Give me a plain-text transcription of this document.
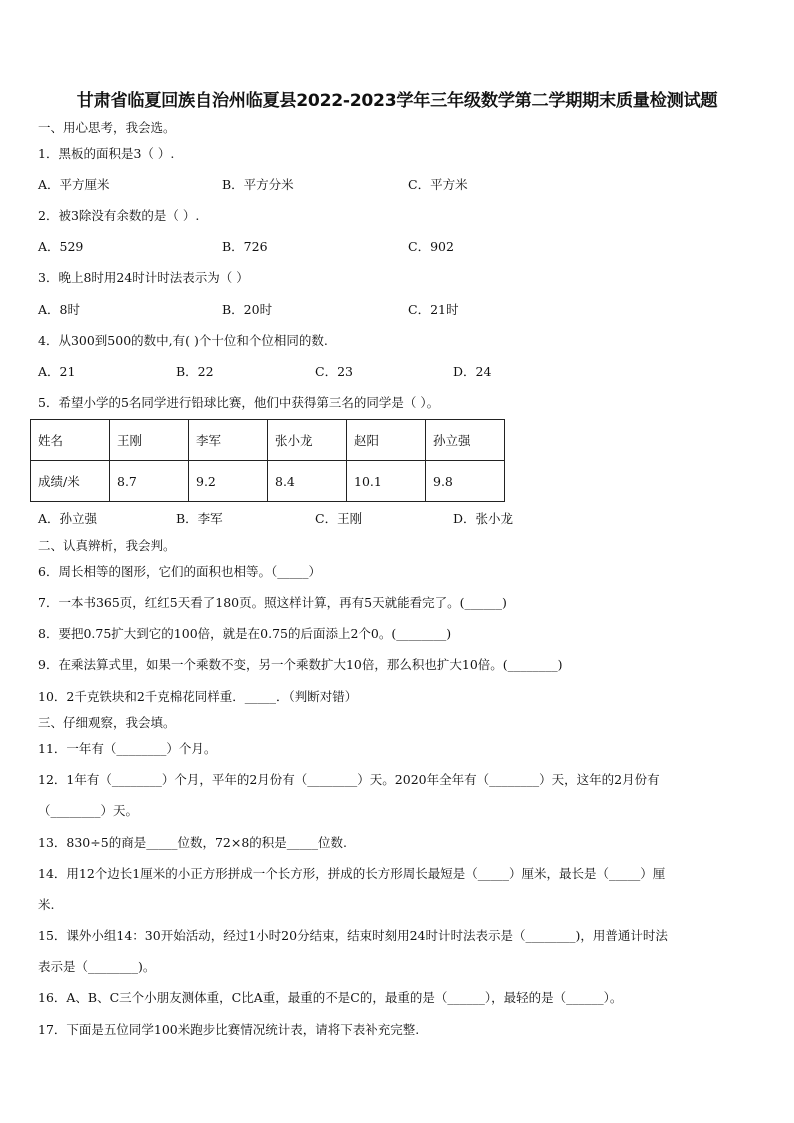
甘肃省临夏回族自治州临夏县2022-2023学年三年级数学第二学期期末质量检测试题
一、用心思考，我会选。
1．黑板的面积是3（ ）.
A．平方厘米	B．平方分米	C．平方米
2．被3除没有余数的是（ ）.
A．529	B．726	C．902
3．晚上8时用24时计时法表示为（ ）
A．8时	B．20时	C．21时
4．从300到500的数中,有( )个十位和个位相同的数.
A．21	B．22	C．23	D．24
5．希望小学的5名同学进行铅球比赛，他们中获得第三名的同学是（ ）。
姓名	王刚	李军	张小龙	赵阳	孙立强
成绩/米	8.7	9.2	8.4	10.1	9.8
A．孙立强	B．李军	C．王刚	D．张小龙
二、认真辨析，我会判。
6．周长相等的图形，它们的面积也相等。（_____）
7．一本书365页，红红5天看了180页。照这样计算，再有5天就能看完了。(______)
8．要把0.75扩大到它的100倍，就是在0.75的后面添上2个0。(________)
9．在乘法算式里，如果一个乘数不变，另一个乘数扩大10倍，那么积也扩大10倍。(________)
10．2千克铁块和2千克棉花同样重．_____．（判断对错）
三、仔细观察，我会填。
11．一年有（________）个月。
12．1年有（________）个月，平年的2月份有（________）天。2020年全年有（________）天，这年的2月份有
（________）天。
13．830÷5的商是_____位数，72×8的积是_____位数.
14．用12个边长1厘米的小正方形拼成一个长方形，拼成的长方形周长最短是（_____）厘米，最长是（_____）厘
米.
15．课外小组14：30开始活动，经过1小时20分结束，结束时刻用24时计时法表示是（________)，用普通计时法
表示是（________)。
16．A、B、C三个小朋友测体重，C比A重，最重的不是C的，最重的是（______），最轻的是（______）。
17．下面是五位同学100米跑步比赛情况统计表，请将下表补充完整.
